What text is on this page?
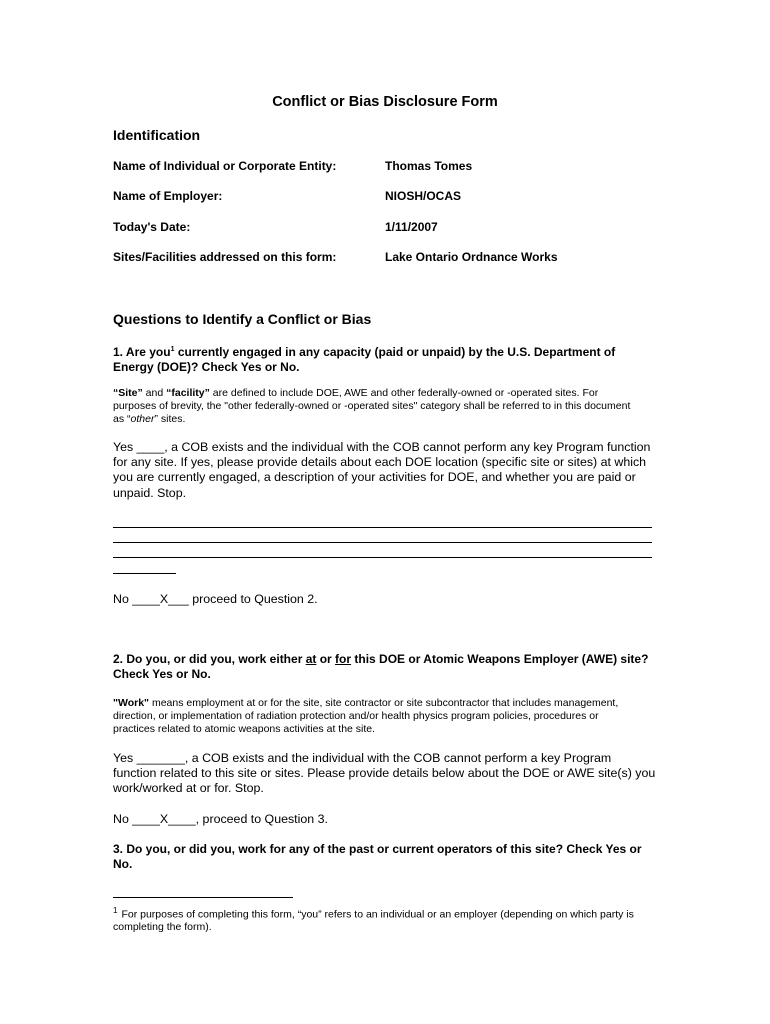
Conflict or Bias Disclosure Form
Identification
Name of Individual or Corporate Entity:	Thomas Tomes
Name of Employer:	NIOSH/OCAS
Today's Date:	1/11/2007
Sites/Facilities addressed on this form:	Lake Ontario Ordnance Works
Questions to Identify a Conflict or Bias
1. Are you$^1$ currently engaged in any capacity (paid or unpaid) by the U.S. Department of Energy (DOE)? Check Yes or No.
“Site” and “facility” are defined to include DOE, AWE and other federally-owned or -operated sites. For purposes of brevity, the "other federally-owned or -operated sites" category shall be referred to in this document as “other” sites.
Yes ____, a COB exists and the individual with the COB cannot perform any key Program function for any site. If yes, please provide details about each DOE location (specific site or sites) at which you are currently engaged, a description of your activities for DOE, and whether you are paid or unpaid. Stop.
No ____X___ proceed to Question 2.
2. Do you, or did you, work either at or for this DOE or Atomic Weapons Employer (AWE) site? Check Yes or No.
"Work" means employment at or for the site, site contractor or site subcontractor that includes management, direction, or implementation of radiation protection and/or health physics program policies, procedures or practices related to atomic weapons activities at the site.
Yes _______, a COB exists and the individual with the COB cannot perform a key Program function related to this site or sites. Please provide details below about the DOE or AWE site(s) you work/worked at or for. Stop.
No ____X____, proceed to Question 3.
3. Do you, or did you, work for any of the past or current operators of this site? Check Yes or No.
$^1$ For purposes of completing this form, “you” refers to an individual or an employer (depending on which party is completing the form).
